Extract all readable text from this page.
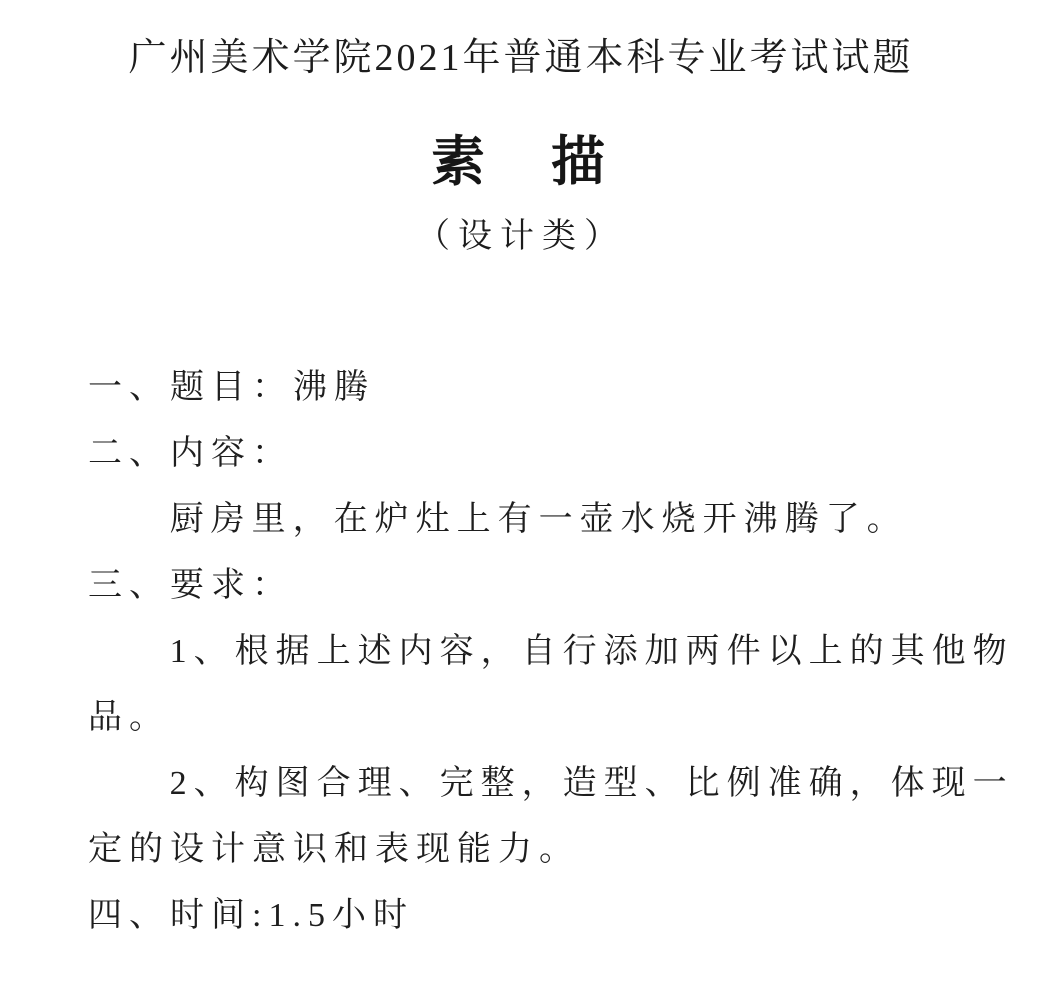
广州美术学院2021年普通本科专业考试试题
素　描
（设计类）

一、题目：沸腾

二、内容：

厨房里，在炉灶上有一壶水烧开沸腾了。

三、要求：

1、根据上述内容，自行添加两件以上的其他物品。

2、构图合理、完整，造型、比例准确，体现一定的设计意识和表现能力。

四、时间:1.5小时
